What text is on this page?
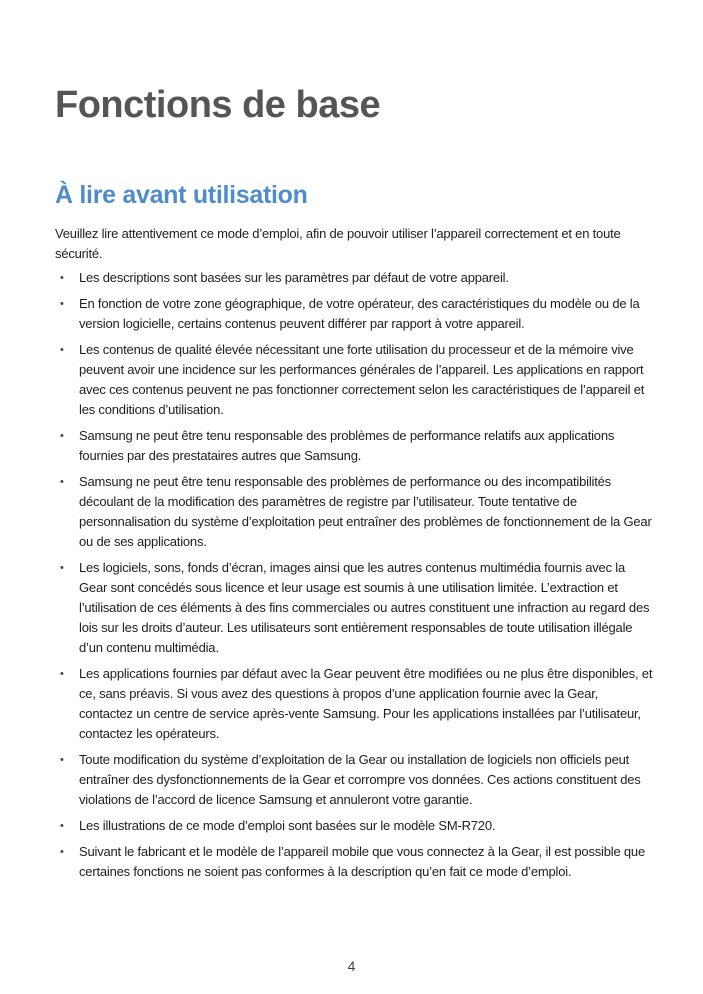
Fonctions de base
À lire avant utilisation

Veuillez lire attentivement ce mode d’emploi, afin de pouvoir utiliser l’appareil correctement et en toute sécurité.

• Les descriptions sont basées sur les paramètres par défaut de votre appareil.
• En fonction de votre zone géographique, de votre opérateur, des caractéristiques du modèle ou de la version logicielle, certains contenus peuvent différer par rapport à votre appareil.
• Les contenus de qualité élevée nécessitant une forte utilisation du processeur et de la mémoire vive peuvent avoir une incidence sur les performances générales de l’appareil. Les applications en rapport avec ces contenus peuvent ne pas fonctionner correctement selon les caractéristiques de l’appareil et les conditions d’utilisation.
• Samsung ne peut être tenu responsable des problèmes de performance relatifs aux applications fournies par des prestataires autres que Samsung.
• Samsung ne peut être tenu responsable des problèmes de performance ou des incompatibilités découlant de la modification des paramètres de registre par l’utilisateur. Toute tentative de personnalisation du système d’exploitation peut entraîner des problèmes de fonctionnement de la Gear ou de ses applications.
• Les logiciels, sons, fonds d’écran, images ainsi que les autres contenus multimédia fournis avec la Gear sont concédés sous licence et leur usage est soumis à une utilisation limitée. L’extraction et l’utilisation de ces éléments à des fins commerciales ou autres constituent une infraction au regard des lois sur les droits d’auteur. Les utilisateurs sont entièrement responsables de toute utilisation illégale d’un contenu multimédia.
• Les applications fournies par défaut avec la Gear peuvent être modifiées ou ne plus être disponibles, et ce, sans préavis. Si vous avez des questions à propos d’une application fournie avec la Gear, contactez un centre de service après-vente Samsung. Pour les applications installées par l’utilisateur, contactez les opérateurs.
• Toute modification du système d’exploitation de la Gear ou installation de logiciels non officiels peut entraîner des dysfonctionnements de la Gear et corrompre vos données. Ces actions constituent des violations de l’accord de licence Samsung et annuleront votre garantie.
• Les illustrations de ce mode d’emploi sont basées sur le modèle SM-R720.
• Suivant le fabricant et le modèle de l’appareil mobile que vous connectez à la Gear, il est possible que certaines fonctions ne soient pas conformes à la description qu’en fait ce mode d’emploi.
4
